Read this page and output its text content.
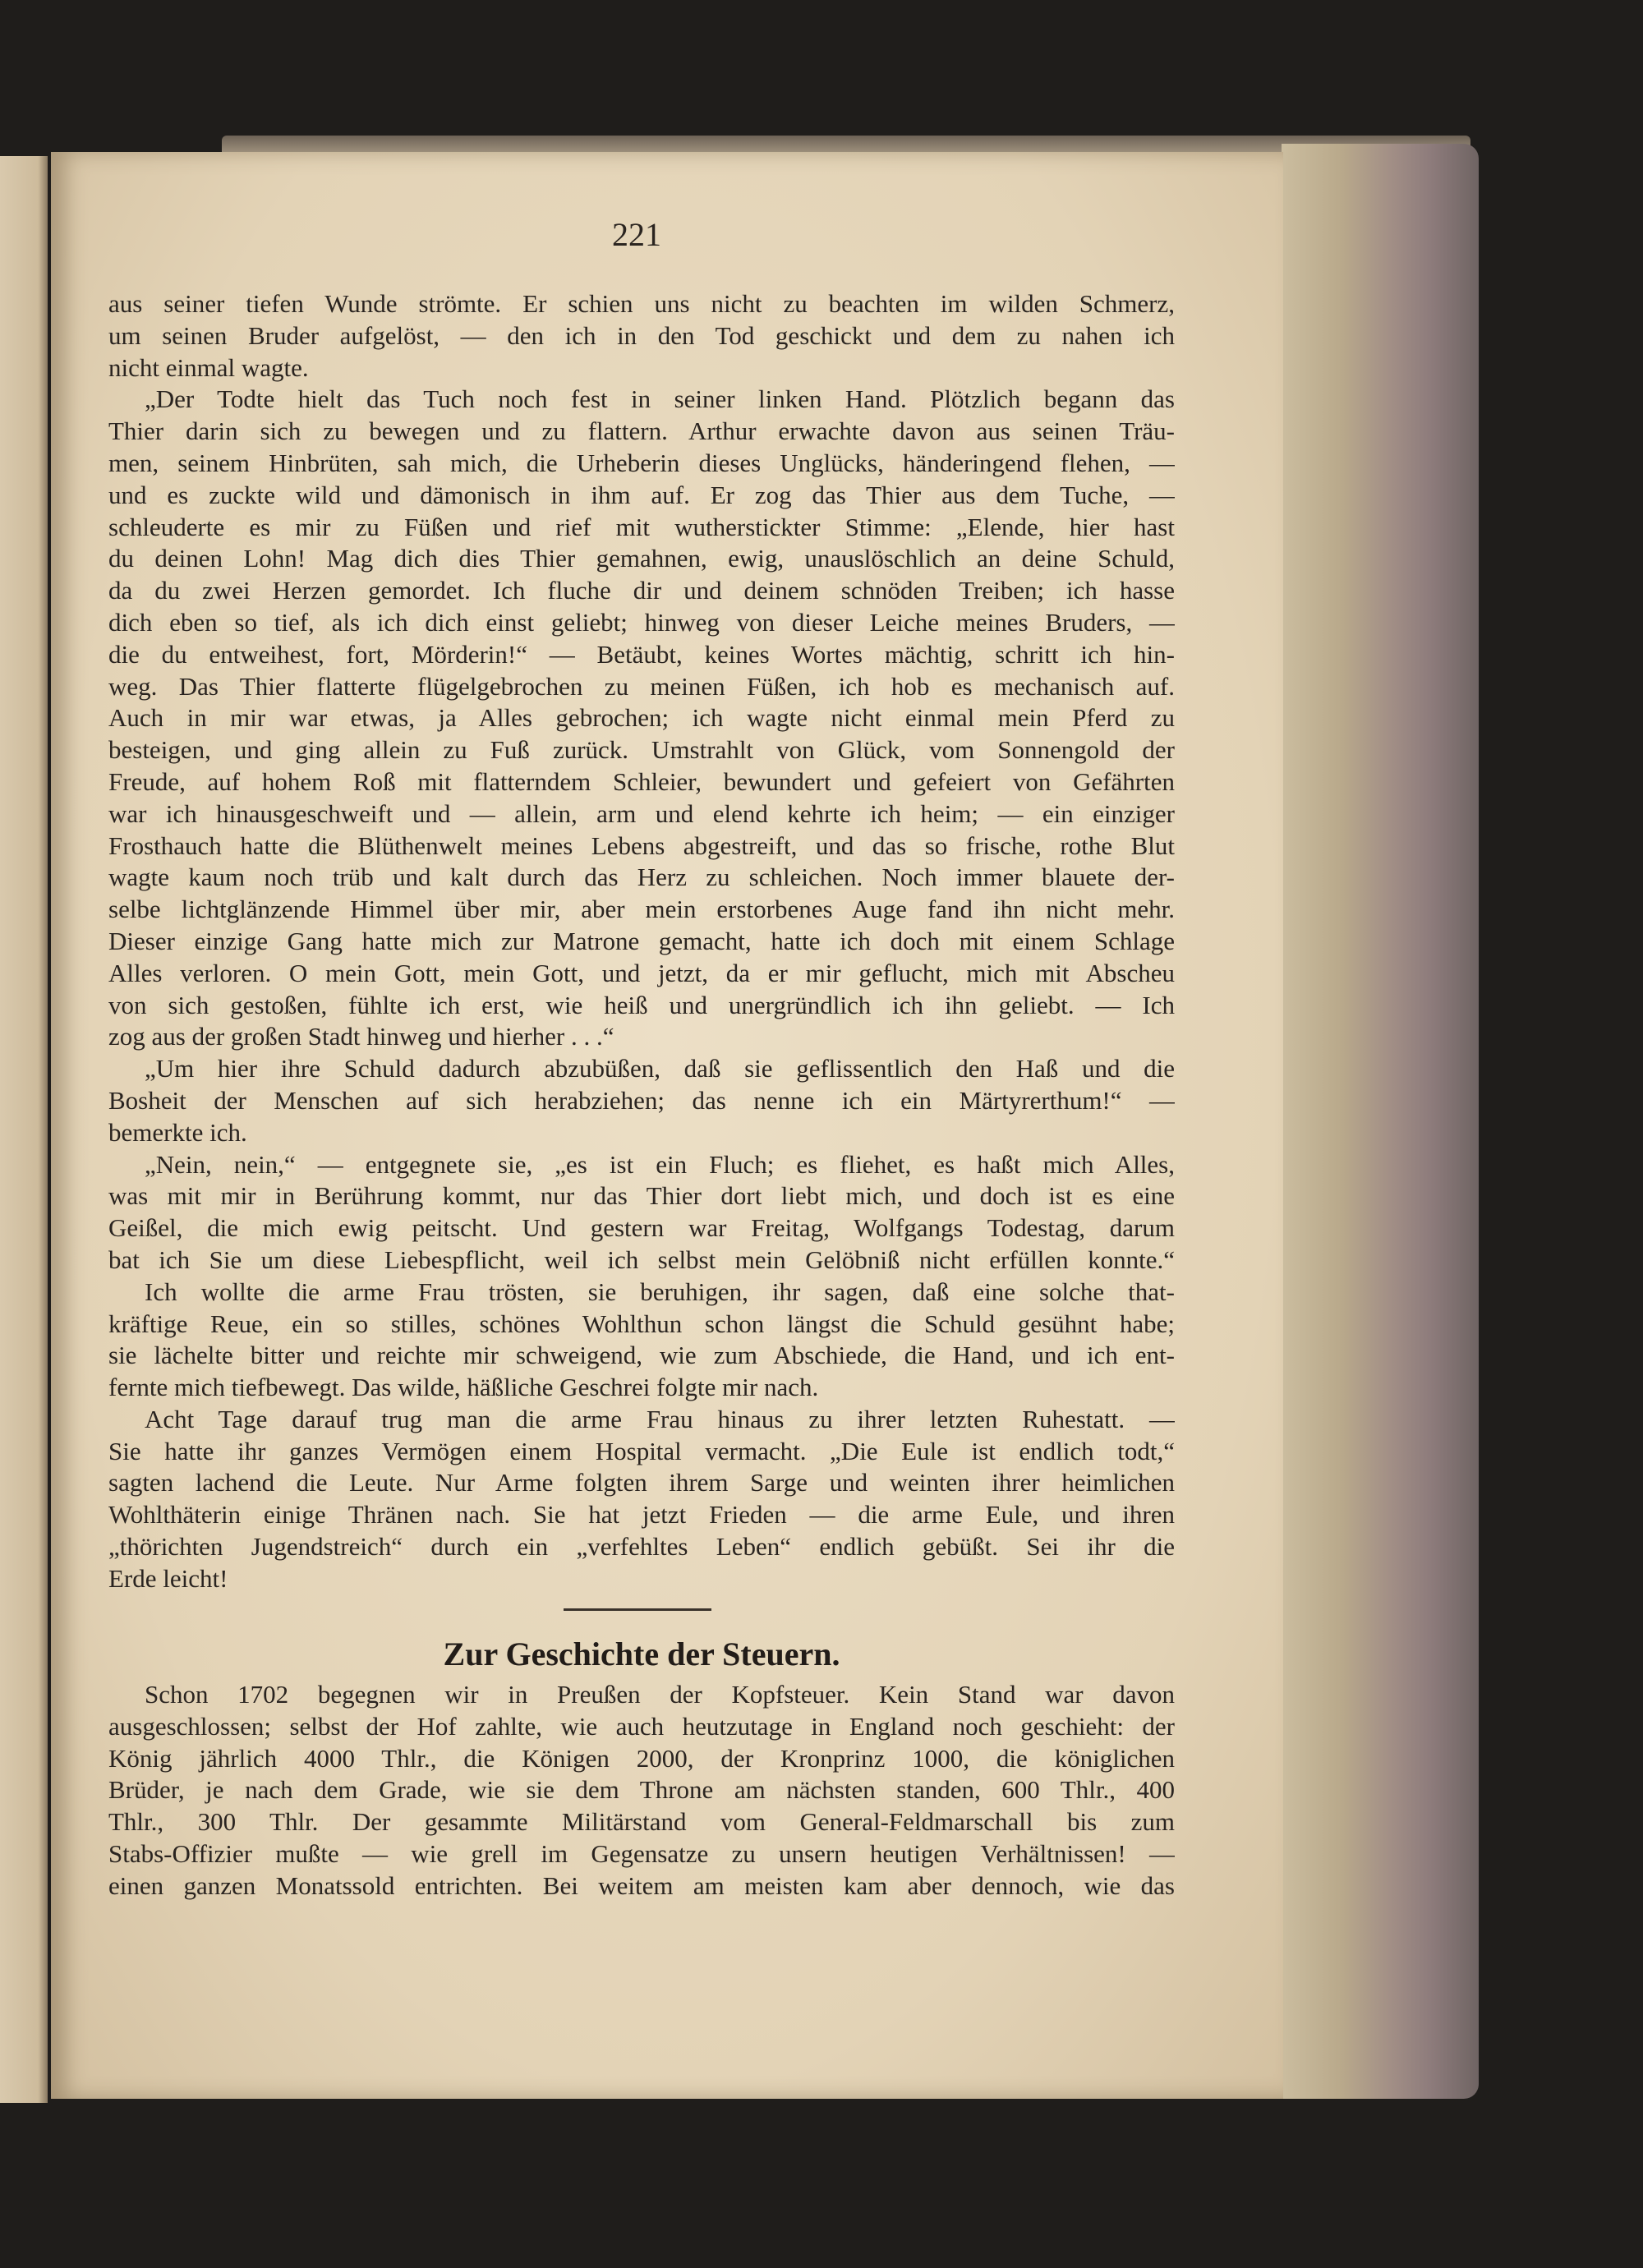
221
aus seiner tiefen Wunde strömte. Er schien uns nicht zu beachten im wilden Schmerz,
um seinen Bruder aufgelöst, — den ich in den Tod geschickt und dem zu nahen ich
nicht einmal wagte.
„Der Todte hielt das Tuch noch fest in seiner linken Hand. Plötzlich begann das
Thier darin sich zu bewegen und zu flattern. Arthur erwachte davon aus seinen Träu-
men, seinem Hinbrüten, sah mich, die Urheberin dieses Unglücks, händeringend flehen, —
und es zuckte wild und dämonisch in ihm auf. Er zog das Thier aus dem Tuche, —
schleuderte es mir zu Füßen und rief mit wutherstickter Stimme: „Elende, hier hast
du deinen Lohn! Mag dich dies Thier gemahnen, ewig, unauslöschlich an deine Schuld,
da du zwei Herzen gemordet. Ich fluche dir und deinem schnöden Treiben; ich hasse
dich eben so tief, als ich dich einst geliebt; hinweg von dieser Leiche meines Bruders, —
die du entweihest, fort, Mörderin!“ — Betäubt, keines Wortes mächtig, schritt ich hin-
weg. Das Thier flatterte flügelgebrochen zu meinen Füßen, ich hob es mechanisch auf.
Auch in mir war etwas, ja Alles gebrochen; ich wagte nicht einmal mein Pferd zu
besteigen, und ging allein zu Fuß zurück. Umstrahlt von Glück, vom Sonnengold der
Freude, auf hohem Roß mit flatterndem Schleier, bewundert und gefeiert von Gefährten
war ich hinausgeschweift und — allein, arm und elend kehrte ich heim; — ein einziger
Frosthauch hatte die Blüthenwelt meines Lebens abgestreift, und das so frische, rothe Blut
wagte kaum noch trüb und kalt durch das Herz zu schleichen. Noch immer blauete der-
selbe lichtglänzende Himmel über mir, aber mein erstorbenes Auge fand ihn nicht mehr.
Dieser einzige Gang hatte mich zur Matrone gemacht, hatte ich doch mit einem Schlage
Alles verloren. O mein Gott, mein Gott, und jetzt, da er mir geflucht, mich mit Abscheu
von sich gestoßen, fühlte ich erst, wie heiß und unergründlich ich ihn geliebt. — Ich
zog aus der großen Stadt hinweg und hierher . . .“
„Um hier ihre Schuld dadurch abzubüßen, daß sie geflissentlich den Haß und die
Bosheit der Menschen auf sich herabziehen; das nenne ich ein Märtyrerthum!“ —
bemerkte ich.
„Nein, nein,“ — entgegnete sie, „es ist ein Fluch; es fliehet, es haßt mich Alles,
was mit mir in Berührung kommt, nur das Thier dort liebt mich, und doch ist es eine
Geißel, die mich ewig peitscht. Und gestern war Freitag, Wolfgangs Todestag, darum
bat ich Sie um diese Liebespflicht, weil ich selbst mein Gelöbniß nicht erfüllen konnte.“
Ich wollte die arme Frau trösten, sie beruhigen, ihr sagen, daß eine solche that-
kräftige Reue, ein so stilles, schönes Wohlthun schon längst die Schuld gesühnt habe;
sie lächelte bitter und reichte mir schweigend, wie zum Abschiede, die Hand, und ich ent-
fernte mich tiefbewegt. Das wilde, häßliche Geschrei folgte mir nach.
Acht Tage darauf trug man die arme Frau hinaus zu ihrer letzten Ruhestatt. —
Sie hatte ihr ganzes Vermögen einem Hospital vermacht. „Die Eule ist endlich todt,“
sagten lachend die Leute. Nur Arme folgten ihrem Sarge und weinten ihrer heimlichen
Wohlthäterin einige Thränen nach. Sie hat jetzt Frieden — die arme Eule, und ihren
„thörichten Jugendstreich“ durch ein „verfehltes Leben“ endlich gebüßt. Sei ihr die
Erde leicht!
Zur Geschichte der Steuern.
Schon 1702 begegnen wir in Preußen der Kopfsteuer. Kein Stand war davon
ausgeschlossen; selbst der Hof zahlte, wie auch heutzutage in England noch geschieht: der
König jährlich 4000 Thlr., die Königen 2000, der Kronprinz 1000, die königlichen
Brüder, je nach dem Grade, wie sie dem Throne am nächsten standen, 600 Thlr., 400
Thlr., 300 Thlr. Der gesammte Militärstand vom General-Feldmarschall bis zum
Stabs-Offizier mußte — wie grell im Gegensatze zu unsern heutigen Verhältnissen! —
einen ganzen Monatssold entrichten. Bei weitem am meisten kam aber dennoch, wie das
